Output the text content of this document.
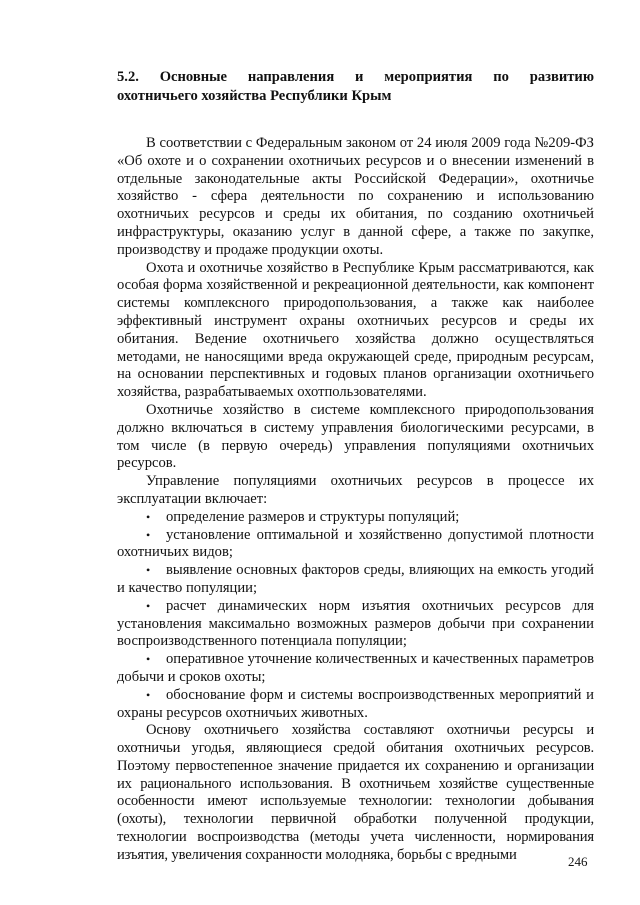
5.2. Основные направления и мероприятия по развитию
охотничьего хозяйства Республики Крым

В соответствии с Федеральным законом от 24 июля 2009 года №209-ФЗ «Об охоте и о сохранении охотничьих ресурсов и о внесении изменений в отдельные законодательные акты Российской Федерации», охотничье хозяйство - сфера деятельности по сохранению и использованию охотничьих ресурсов и среды их обитания, по созданию охотничьей инфраструктуры, оказанию услуг в данной сфере, а также по закупке, производству и продаже продукции охоты.

Охота и охотничье хозяйство в Республике Крым рассматриваются, как особая форма хозяйственной и рекреационной деятельности, как компонент системы комплексного природопользования, а также как наиболее эффективный инструмент охраны охотничьих ресурсов и среды их обитания. Ведение охотничьего хозяйства должно осуществляться методами, не наносящими вреда окружающей среде, природным ресурсам, на основании перспективных и годовых планов организации охотничьего хозяйства, разрабатываемых охотпользователями.

Охотничье хозяйство в системе комплексного природопользования должно включаться в систему управления биологическими ресурсами, в том числе (в первую очередь) управления популяциями охотничьих ресурсов.

Управление популяциями охотничьих ресурсов в процессе их эксплуатации включает:

• определение размеров и структуры популяций;
• установление оптимальной и хозяйственно допустимой плотности охотничьих видов;
• выявление основных факторов среды, влияющих на емкость угодий и качество популяции;
• расчет динамических норм изъятия охотничьих ресурсов для установления максимально возможных размеров добычи при сохранении воспроизводственного потенциала популяции;
• оперативное уточнение количественных и качественных параметров добычи и сроков охоты;
• обоснование форм и системы воспроизводственных мероприятий и охраны ресурсов охотничьих животных.

Основу охотничьего хозяйства составляют охотничьи ресурсы и охотничьи угодья, являющиеся средой обитания охотничьих ресурсов. Поэтому первостепенное значение придается их сохранению и организации их рационального использования. В охотничьем хозяйстве существенные особенности имеют используемые технологии: технологии добывания (охоты), технологии первичной обработки полученной продукции, технологии воспроизводства (методы учета численности, нормирования изъятия, увеличения сохранности молодняка, борьбы с вредными	246
